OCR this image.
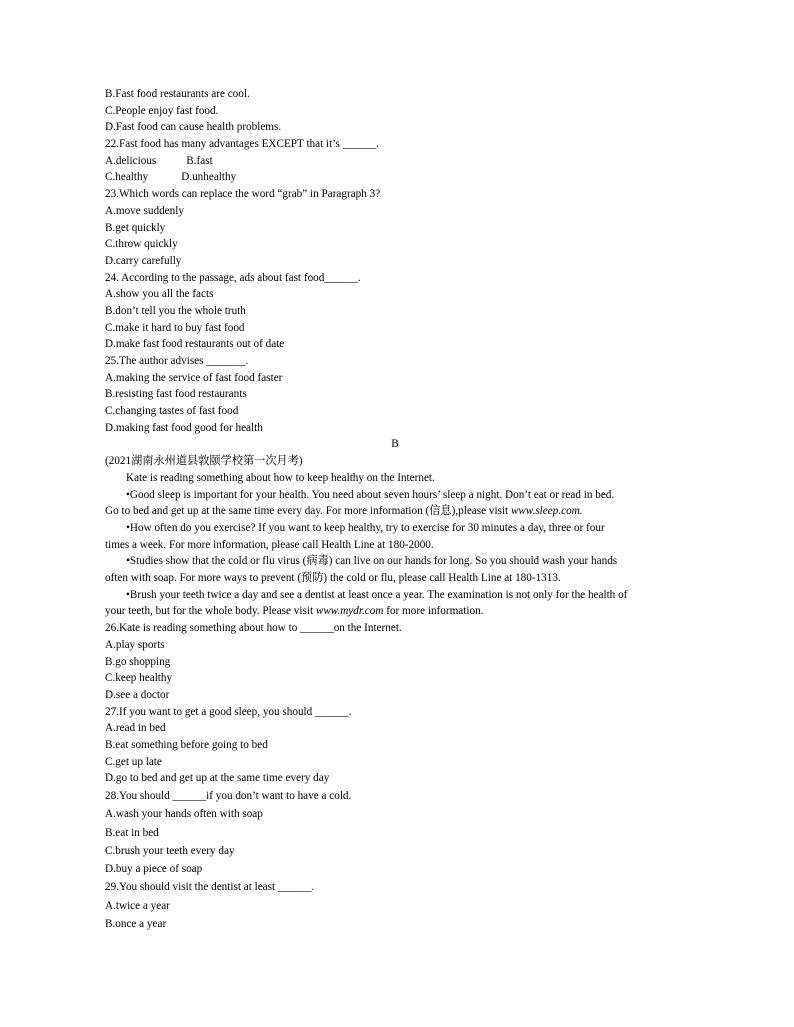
B.Fast food restaurants are cool.
C.People enjoy fast food.
D.Fast food can cause health problems.
22.Fast food has many advantages EXCEPT that it’s ______.
A.delicious	B.fast
C.healthy	D.unhealthy
23.Which words can replace the word “grab” in Paragraph 3?
A.move suddenly
B.get quickly
C.throw quickly
D.carry carefully
24. According to the passage, ads about fast food______.
A.show you all the facts
B.don’t tell you the whole truth
C.make it hard to buy fast food
D.make fast food restaurants out of date
25.The author advises _______.
A.making the service of fast food faster
B.resisting fast food restaurants
C.changing tastes of fast food
D.making fast food good for health
B
(2021湖南永州道县敦颐学校第一次月考)
Kate is reading something about how to keep healthy on the Internet.

•Good sleep is important for your health. You need about seven hours’ sleep a night. Don’t eat or read in bed.
Go to bed and get up at the same time every day. For more information (信息),please visit www.sleep.com.

•How often do you exercise? If you want to keep healthy, try to exercise for 30 minutes a day, three or four
times a week. For more information, please call Health Line at 180-2000.

•Studies show that the cold or flu virus (病毒) can live on our hands for long. So you should wash your hands
often with soap. For more ways to prevent (预防) the cold or flu, please call Health Line at 180-1313.

•Brush your teeth twice a day and see a dentist at least once a year. The examination is not only for the health of
your teeth, but for the whole body. Please visit www.mydr.com for more information.

26.Kate is reading something about how to ______on the Internet.
A.play sports
B.go shopping
C.keep healthy
D.see a doctor
27.If you want to get a good sleep, you should ______.
A.read in bed
B.eat something before going to bed
C.get up late
D.go to bed and get up at the same time every day
28.You should ______if you don’t want to have a cold.
A.wash your hands often with soap
B.eat in bed
C.brush your teeth every day
D.buy a piece of soap
29.You should visit the dentist at least ______.
A.twice a year
B.once a year
